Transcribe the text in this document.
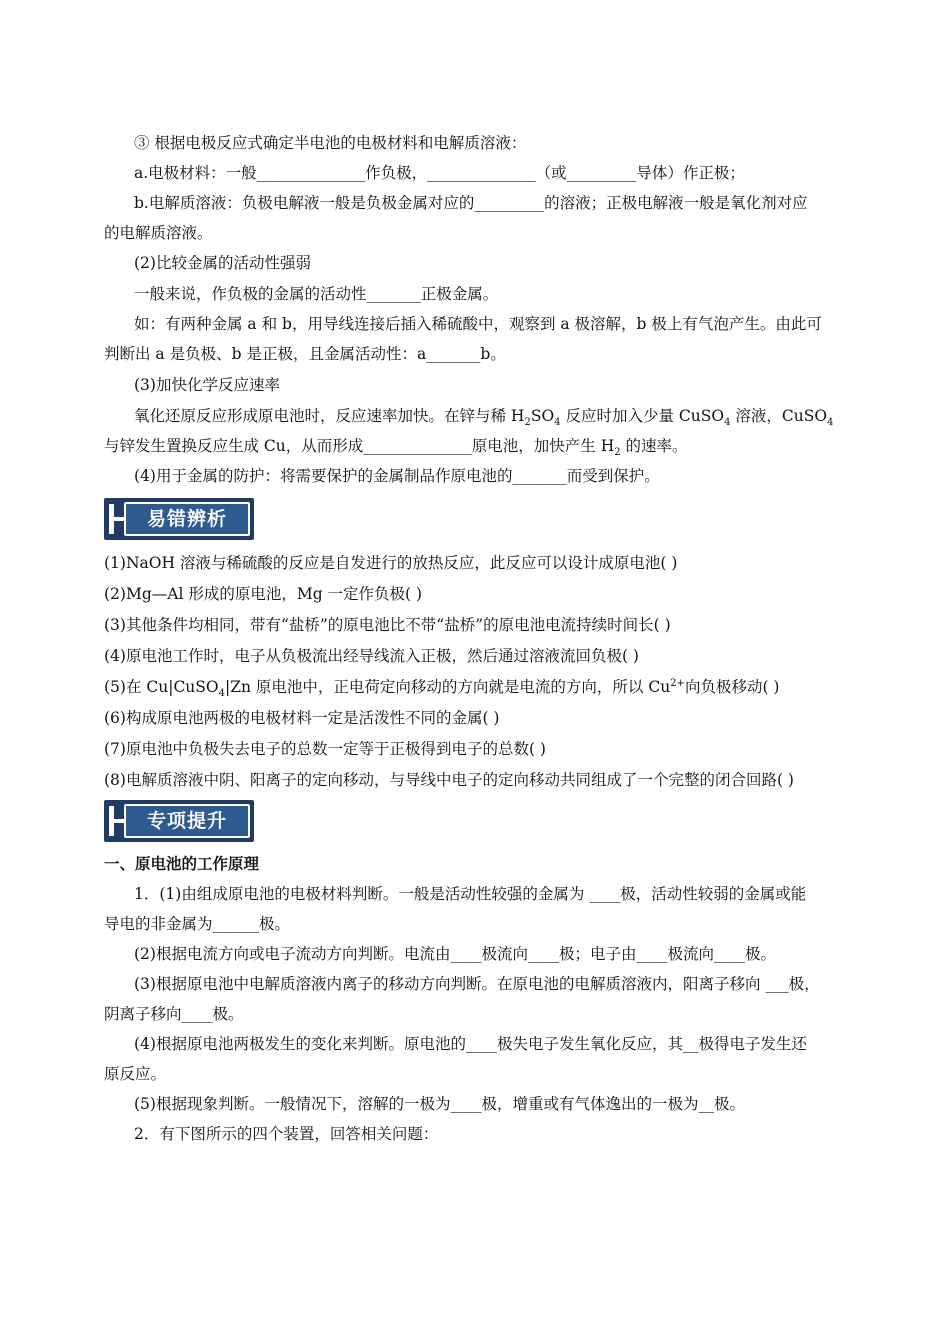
③ 根据电极反应式确定半电池的电极材料和电解质溶液：
a.电极材料：一般______________作负极，______________（或_________导体）作正极；
b.电解质溶液：负极电解液一般是负极金属对应的_________的溶液；正极电解液一般是氧化剂对应
的电解质溶液。
(2)比较金属的活动性强弱
一般来说，作负极的金属的活动性_______正极金属。
如：有两种金属 a 和 b，用导线连接后插入稀硫酸中，观察到 a 极溶解，b 极上有气泡产生。由此可
判断出 a 是负极、b 是正极，且金属活动性：a_______b。
(3)加快化学反应速率
氧化还原反应形成原电池时，反应速率加快。在锌与稀 $H_2SO_4$ 反应时加入少量 CuSO$_4$ 溶液，CuSO$_4$
与锌发生置换反应生成 Cu，从而形成______________原电池，加快产生 $H_2$ 的速率。
(4)用于金属的防护：将需要保护的金属制品作原电池的_______而受到保护。
易错辨析
(1)NaOH 溶液与稀硫酸的反应是自发进行的放热反应，此反应可以设计成原电池( )
(2)Mg—Al 形成的原电池，Mg 一定作负极( )
(3)其他条件均相同，带有“盐桥”的原电池比不带“盐桥”的原电池电流持续时间长( )
(4)原电池工作时，电子从负极流出经导线流入正极，然后通过溶液流回负极( )
(5)在 Cu|CuSO$_4$|Zn 原电池中，正电荷定向移动的方向就是电流的方向，所以 $Cu^{2+}$向负极移动( )
(6)构成原电池两极的电极材料一定是活泼性不同的金属( )
(7)原电池中负极失去电子的总数一定等于正极得到电子的总数( )
(8)电解质溶液中阴、阳离子的定向移动，与导线中电子的定向移动共同组成了一个完整的闭合回路( )
专项提升
一、原电池的工作原理
1．(1)由组成原电池的电极材料判断。一般是活动性较强的金属为 ____极，活动性较弱的金属或能
导电的非金属为______极。
(2)根据电流方向或电子流动方向判断。电流由____极流向____极；电子由____极流向____极。
(3)根据原电池中电解质溶液内离子的移动方向判断。在原电池的电解质溶液内，阳离子移向 ___极，
阴离子移向____极。
(4)根据原电池两极发生的变化来判断。原电池的____极失电子发生氧化反应，其__极得电子发生还
原反应。
(5)根据现象判断。一般情况下，溶解的一极为____极，增重或有气体逸出的一极为__极。
2．有下图所示的四个装置，回答相关问题：
